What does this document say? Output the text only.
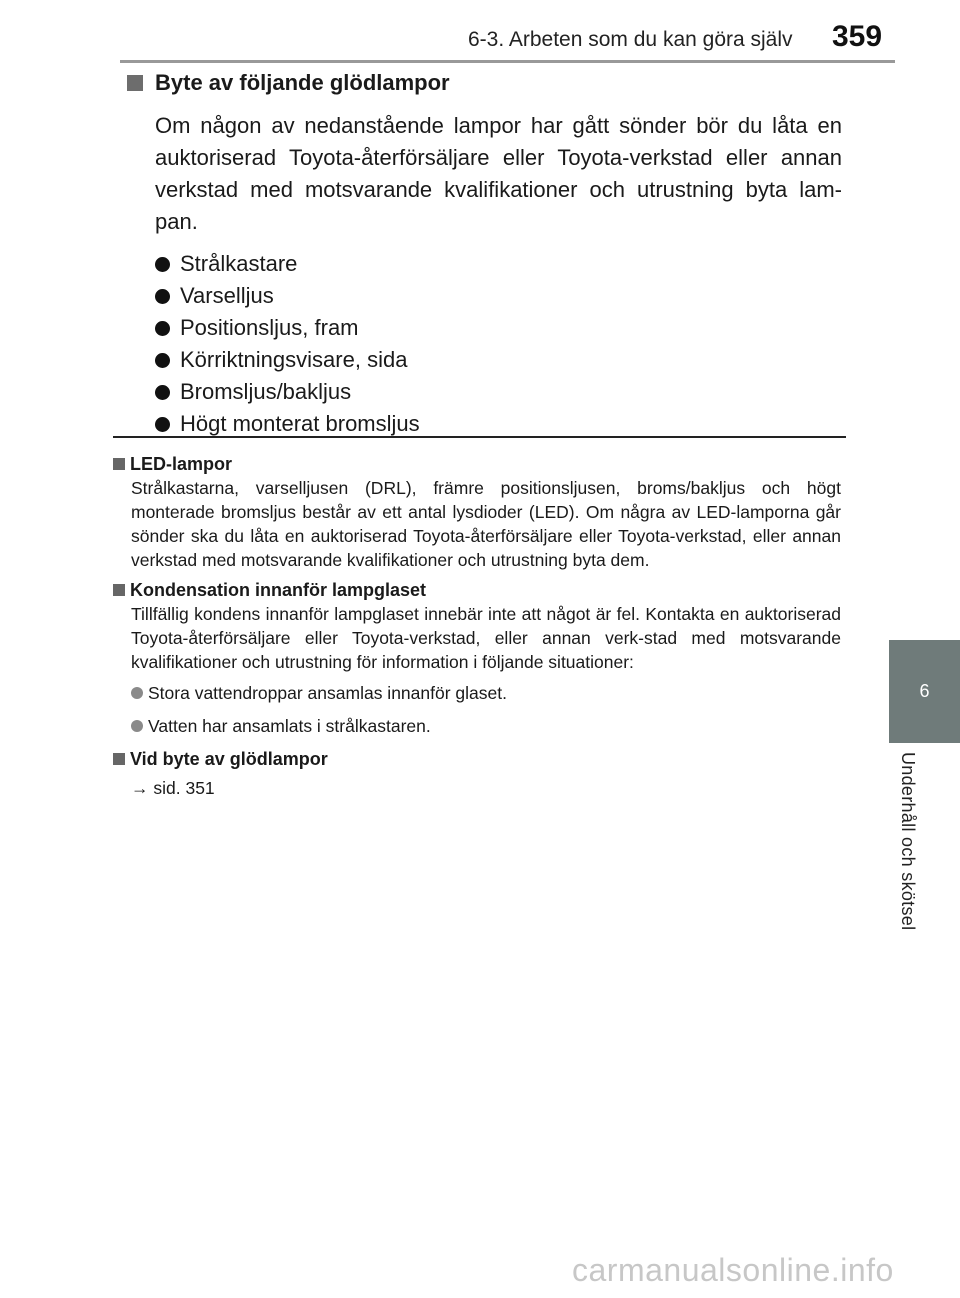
6-3. Arbeten som du kan göra själv 359
6
Underhåll och skötsel
Byte av följande glödlampor
Om någon av nedanstående lampor har gått sönder bör du låta en auktoriserad Toyota-återförsäljare eller Toyota-verkstad eller annan verkstad med motsvarande kvalifikationer och utrustning byta lam-pan.
Strålkastare
Varselljus
Positionsljus, fram
Körriktningsvisare, sida
Bromsljus/bakljus
Högt monterat bromsljus
LED-lampor
Strålkastarna, varselljusen (DRL), främre positionsljusen, broms/bakljus och högt monterade bromsljus består av ett antal lysdioder (LED). Om några av LED-lamporna går sönder ska du låta en auktoriserad Toyota-återförsäljare eller Toyota-verkstad, eller annan verkstad med motsvarande kvalifikationer och utrustning byta dem.
Kondensation innanför lampglaset
Tillfällig kondens innanför lampglaset innebär inte att något är fel. Kontakta en auktoriserad Toyota-återförsäljare eller Toyota-verkstad, eller annan verk-stad med motsvarande kvalifikationer och utrustning för information i följande situationer:
Stora vattendroppar ansamlas innanför glaset.
Vatten har ansamlats i strålkastaren.
Vid byte av glödlampor
→ sid. 351
carmanualsonline.info
